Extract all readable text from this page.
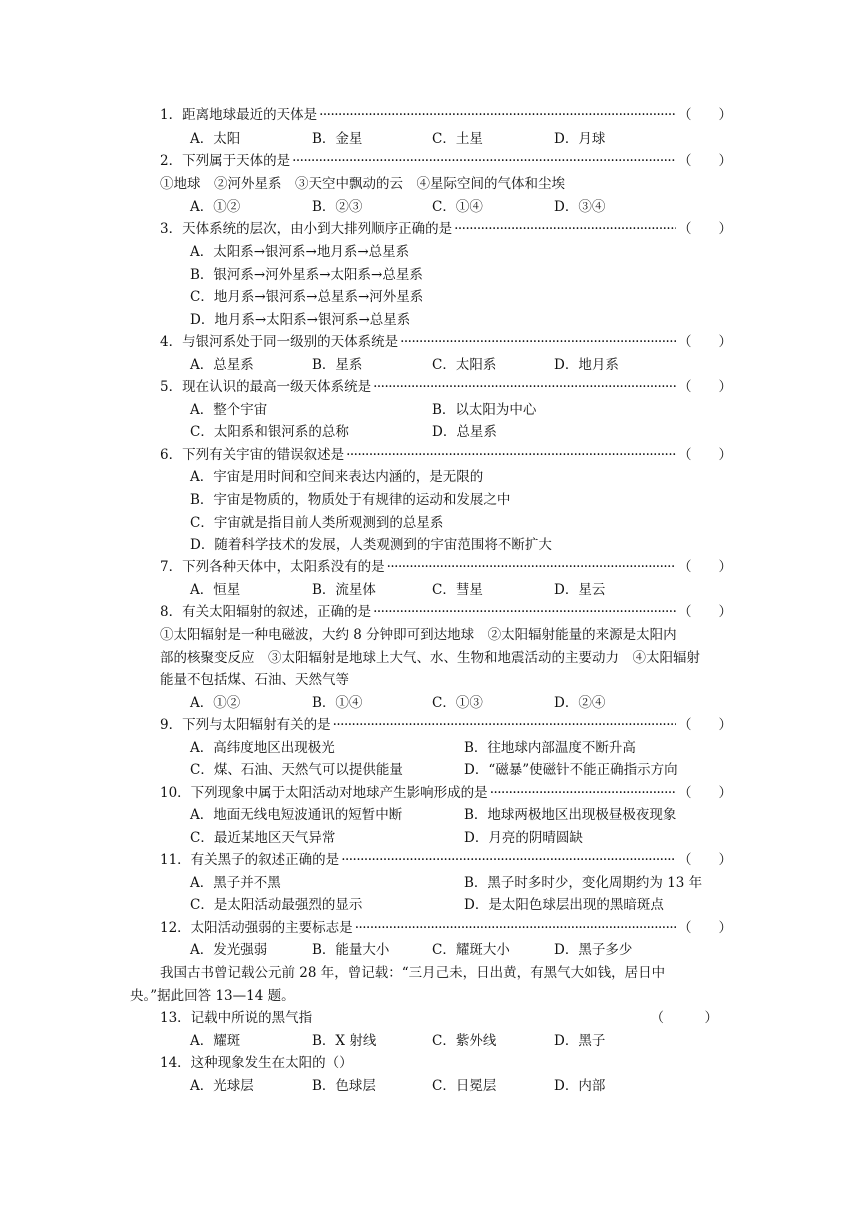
1．距离地球最近的天体是 ·····	（　　）
A．太阳	B．金星	C．土星	D．月球
2．下列属于天体的是 ·····	（　　）
①地球　②河外星系　③天空中飘动的云　④星际空间的气体和尘埃
A．①②	B．②③	C．①④	D．③④
3．天体系统的层次，由小到大排列顺序正确的是 ·····	（　　）
A．太阳系→银河系→地月系→总星系
B．银河系→河外星系→太阳系→总星系
C．地月系→银河系→总星系→河外星系
D．地月系→太阳系→银河系→总星系
4．与银河系处于同一级别的天体系统是 ·····	（　　）
A．总星系	B．星系	C．太阳系	D．地月系
5．现在认识的最高一级天体系统是 ·····	（　　）
A．整个宇宙	B．以太阳为中心
C．太阳系和银河系的总称	D．总星系
6．下列有关宇宙的错误叙述是 ·····	（　　）
A．宇宙是用时间和空间来表达内涵的，是无限的
B．宇宙是物质的，物质处于有规律的运动和发展之中
C．宇宙就是指目前人类所观测到的总星系
D．随着科学技术的发展，人类观测到的宇宙范围将不断扩大
7．下列各种天体中，太阳系没有的是 ·····	（　　）
A．恒星	B．流星体	C．彗星	D．星云
8．有关太阳辐射的叙述，正确的是 ·····	（　　）
①太阳辐射是一种电磁波，大约 8 分钟即可到达地球　②太阳辐射能量的来源是太阳内
部的核聚变反应　③太阳辐射是地球上大气、水、生物和地震活动的主要动力　④太阳辐射
能量不包括煤、石油、天然气等
A．①②	B．①④	C．①③	D．②④
9．下列与太阳辐射有关的是 ·····	（　　）
A．高纬度地区出现极光	B．往地球内部温度不断升高
C．煤、石油、天然气可以提供能量	D．“磁暴”使磁针不能正确指示方向
10．下列现象中属于太阳活动对地球产生影响形成的是 ·····	（　　）
A．地面无线电短波通讯的短暂中断	B．地球两极地区出现极昼极夜现象
C．最近某地区天气异常	D．月亮的阴晴圆缺
11．有关黑子的叙述正确的是 ·····	（　　）
A．黑子并不黑	B．黑子时多时少，变化周期约为 13 年
C．是太阳活动最强烈的显示	D．是太阳色球层出现的黑暗斑点
12．太阳活动强弱的主要标志是 ·····	（　　）
A．发光强弱	B．能量大小	C．耀斑大小	D．黑子多少
我国古书曾记载公元前 28 年，曾记载：“三月己未，日出黄，有黑气大如钱，居日中
央。”据此回答 13—14 题。
13．记载中所说的黑气指	（　　　）
A．耀斑	B．X 射线	C．紫外线	D．黑子
14．这种现象发生在太阳的（）
A．光球层	B．色球层	C．日冕层	D．内部
